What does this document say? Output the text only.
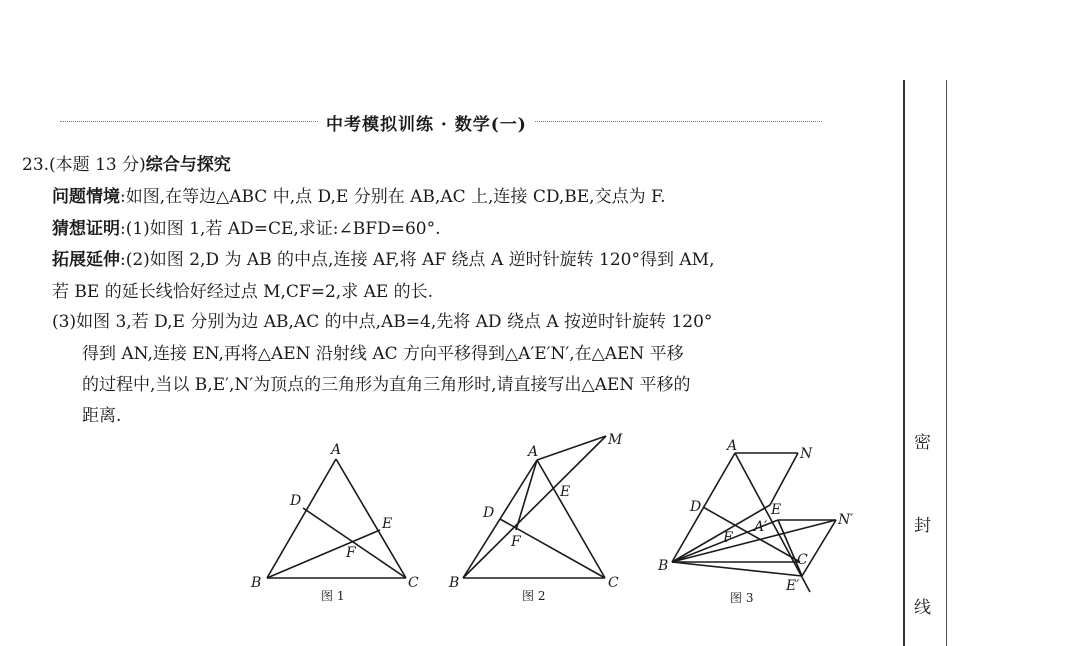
中考模拟训练 · 数学(一)
23.(本题 13 分)综合与探究
问题情境:如图,在等边△ABC 中,点 D,E 分别在 AB,AC 上,连接 CD,BE,交点为 F.
猜想证明:(1)如图 1,若 AD=CE,求证:∠BFD=60°.
拓展延伸:(2)如图 2,D 为 AB 的中点,连接 AF,将 AF 绕点 A 逆时针旋转 120°得到 AM,
若 BE 的延长线恰好经过点 M,CF=2,求 AE 的长.
(3)如图 3,若 D,E 分别为边 AB,AC 的中点,AB=4,先将 AD 绕点 A 按逆时针旋转 120°
得到 AN,连接 EN,再将△AEN 沿射线 AC 方向平移得到△A′E′N′,在△AEN 平移
的过程中,当以 B,E′,N′为顶点的三角形为直角三角形时,请直接写出△AEN 平移的
距离.
A
B	C
D
E
F
图 1
A
B	C
D
E
F
M
图 2
A
B	C
D	E
F
N
A′	N′
E′
图 3
密
封
线
